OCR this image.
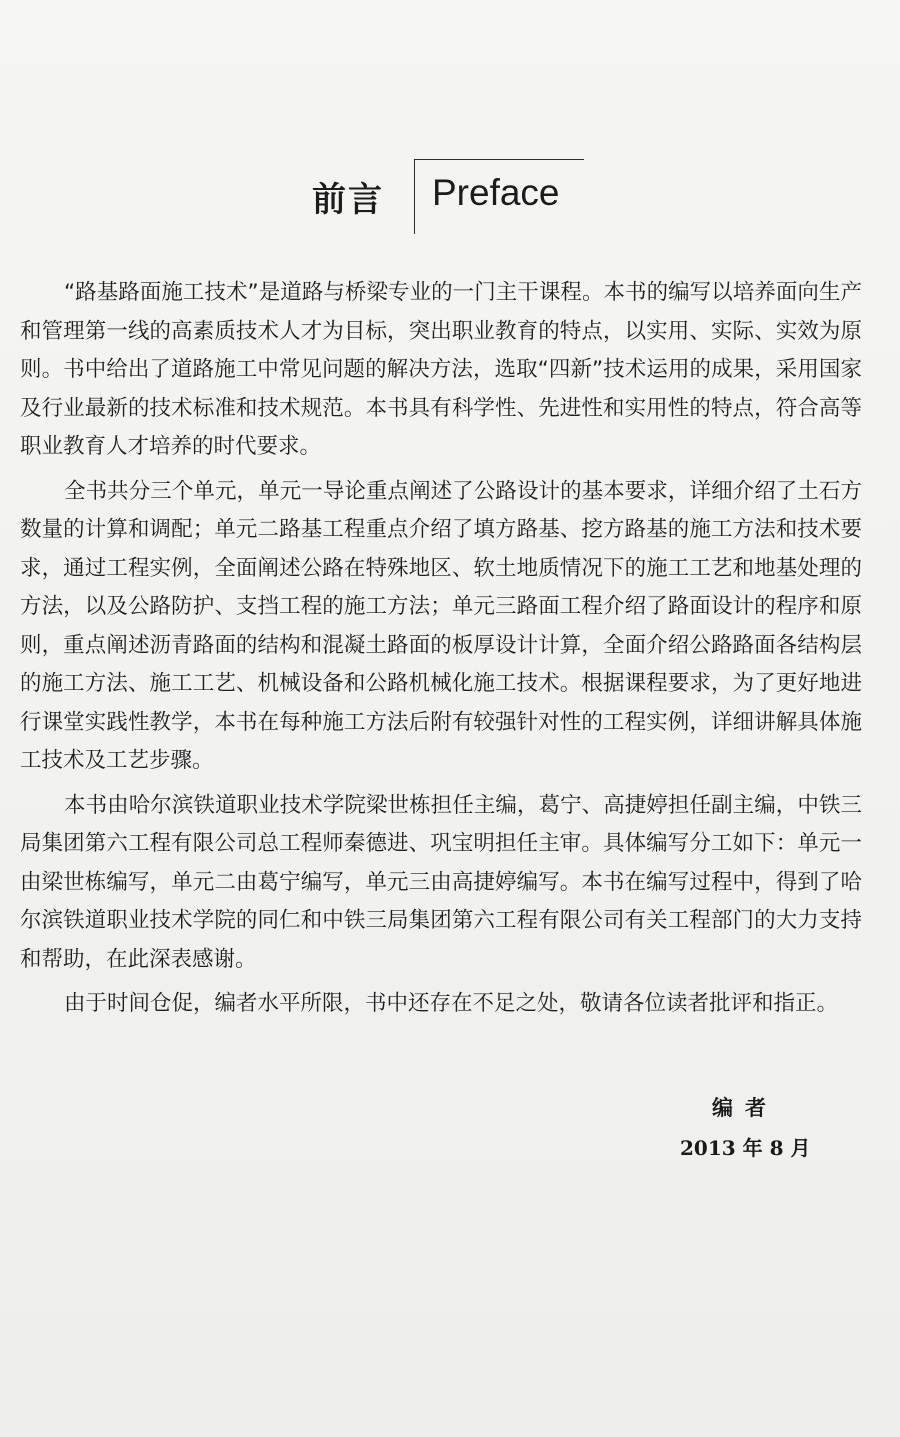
前言 Preface

“路基路面施工技术”是道路与桥梁专业的一门主干课程。本书的编写以培养面向生产和管理第一线的高素质技术人才为目标，突出职业教育的特点，以实用、实际、实效为原则。书中给出了道路施工中常见问题的解决方法，选取“四新”技术运用的成果，采用国家及行业最新的技术标准和技术规范。本书具有科学性、先进性和实用性的特点，符合高等职业教育人才培养的时代要求。

全书共分三个单元，单元一导论重点阐述了公路设计的基本要求，详细介绍了土石方数量的计算和调配；单元二路基工程重点介绍了填方路基、挖方路基的施工方法和技术要求，通过工程实例，全面阐述公路在特殊地区、软土地质情况下的施工工艺和地基处理的方法，以及公路防护、支挡工程的施工方法；单元三路面工程介绍了路面设计的程序和原则，重点阐述沥青路面的结构和混凝土路面的板厚设计计算，全面介绍公路路面各结构层的施工方法、施工工艺、机械设备和公路机械化施工技术。根据课程要求，为了更好地进行课堂实践性教学，本书在每种施工方法后附有较强针对性的工程实例，详细讲解具体施工技术及工艺步骤。

本书由哈尔滨铁道职业技术学院梁世栋担任主编，葛宁、高捷婷担任副主编，中铁三局集团第六工程有限公司总工程师秦德进、巩宝明担任主审。具体编写分工如下：单元一由梁世栋编写，单元二由葛宁编写，单元三由高捷婷编写。本书在编写过程中，得到了哈尔滨铁道职业技术学院的同仁和中铁三局集团第六工程有限公司有关工程部门的大力支持和帮助，在此深表感谢。

由于时间仓促，编者水平所限，书中还存在不足之处，敬请各位读者批评和指正。

编者
2013 年 8 月
